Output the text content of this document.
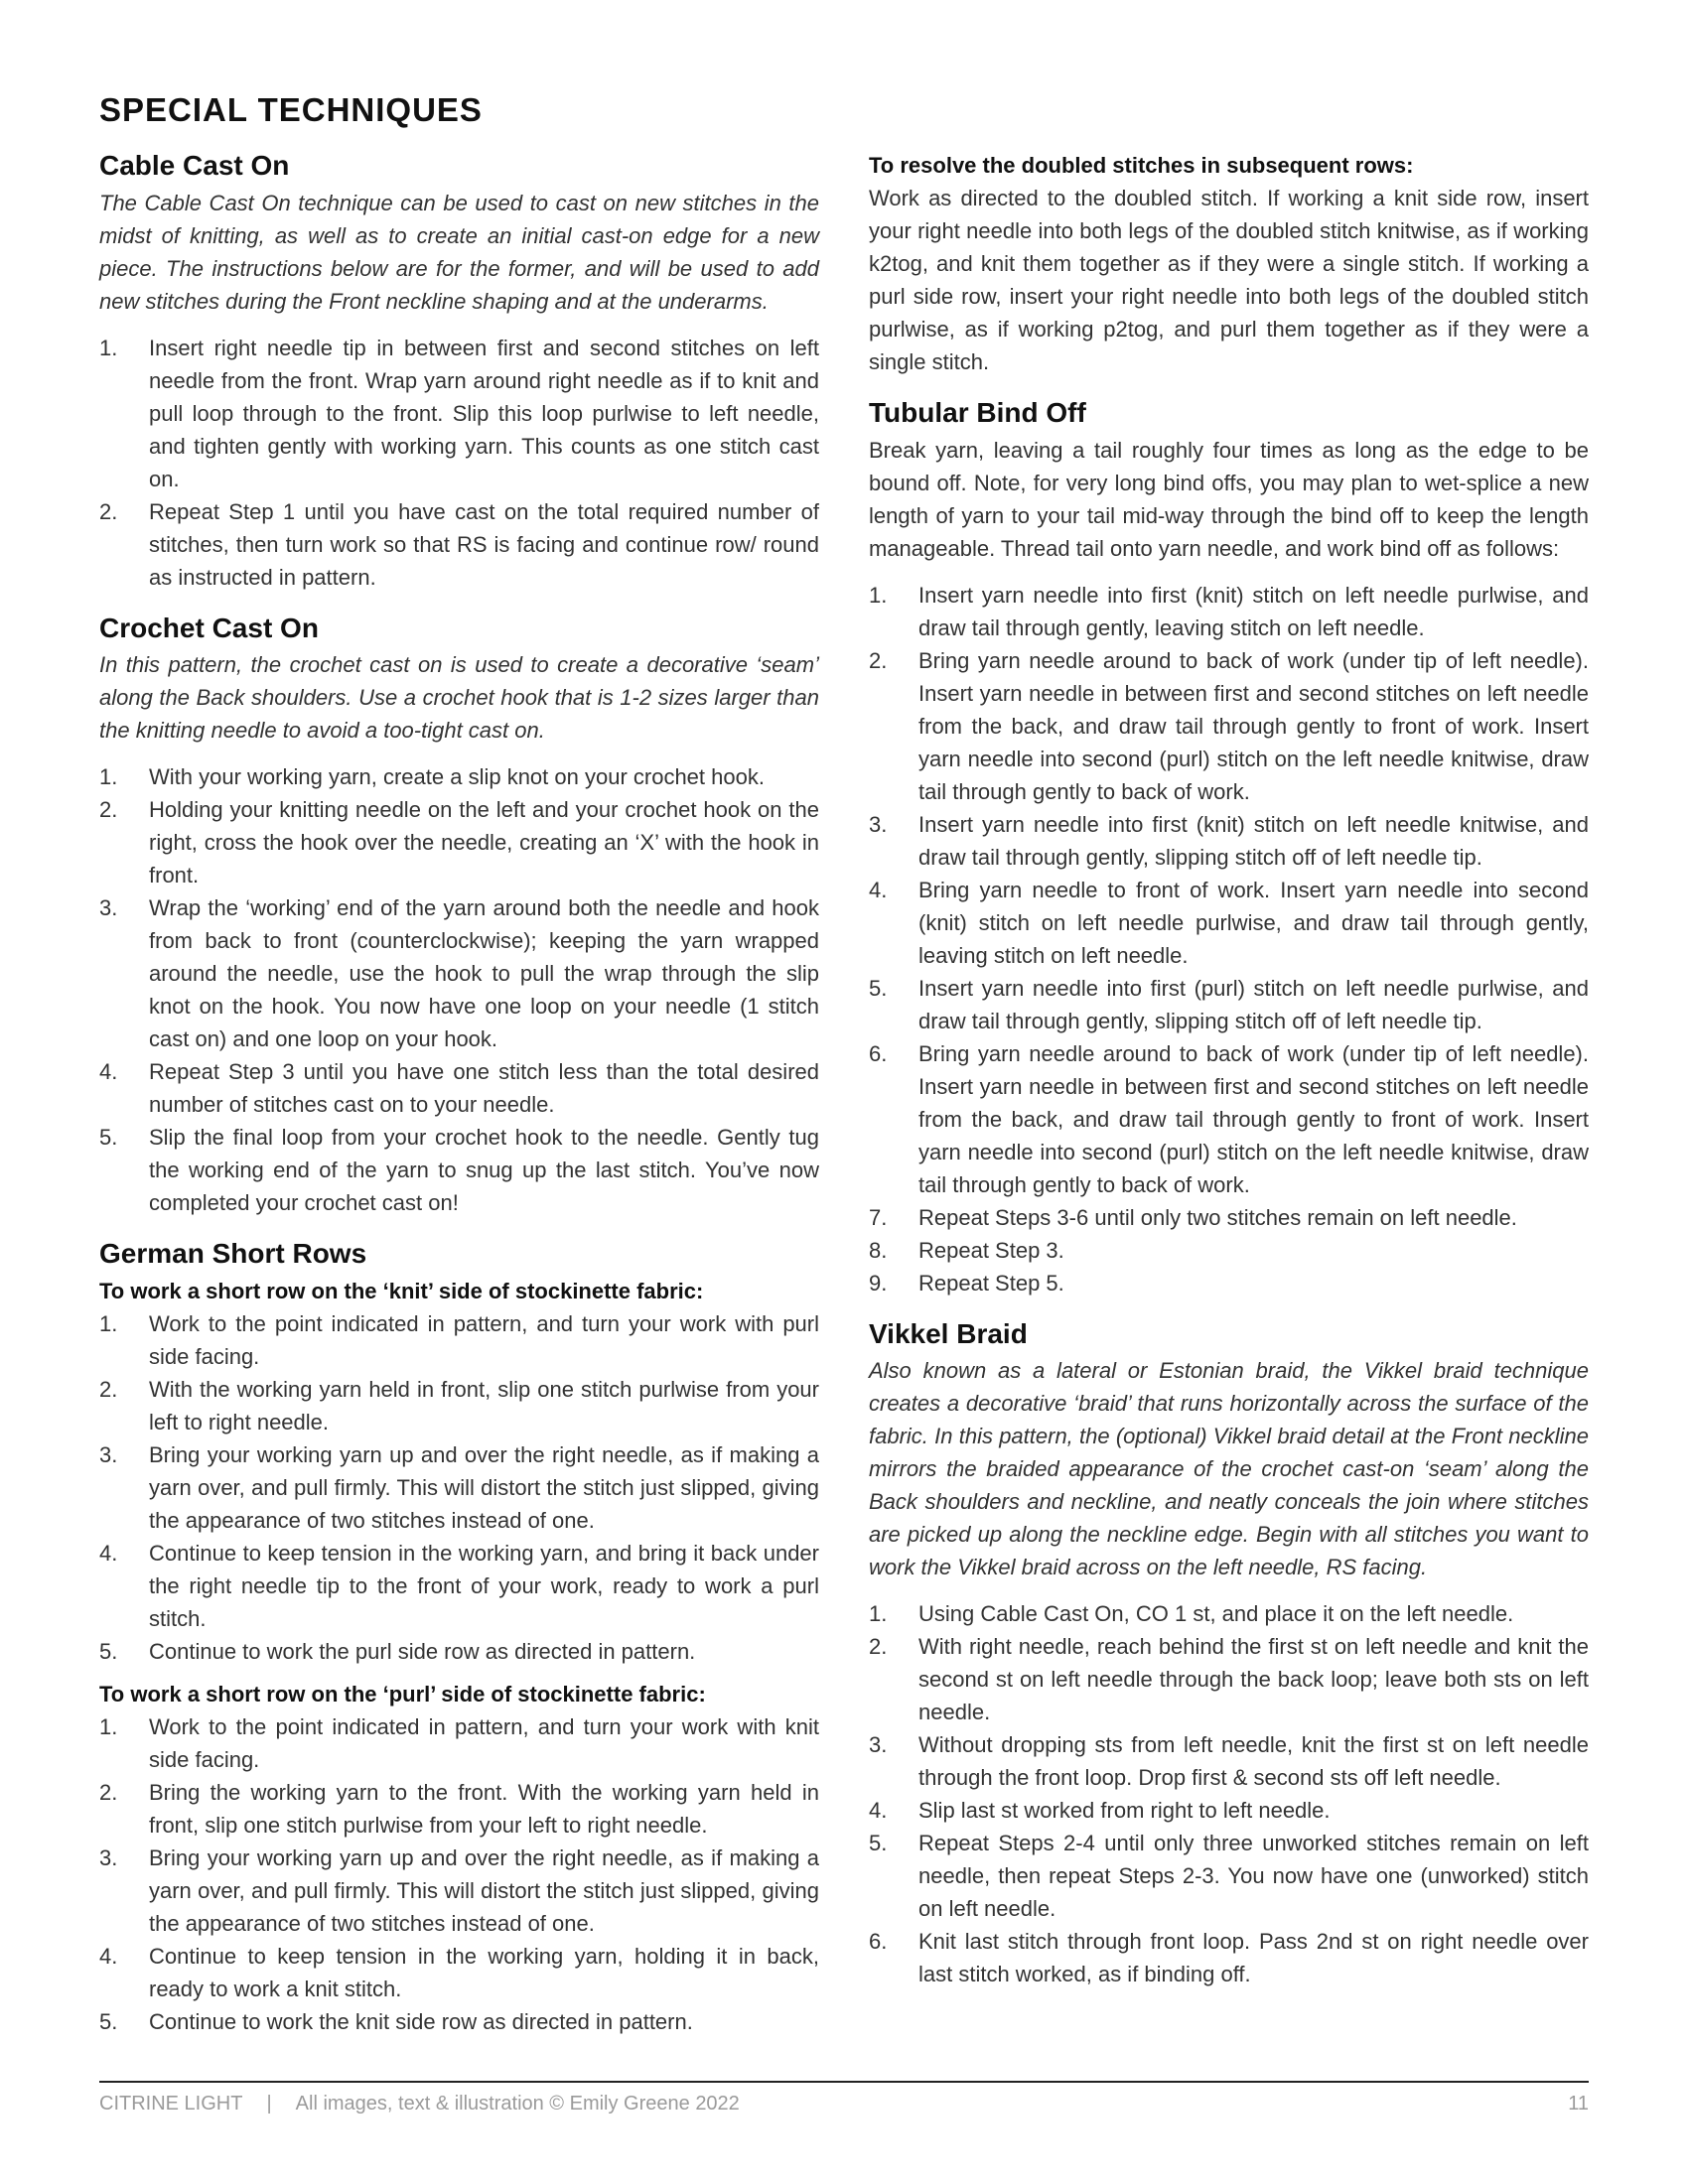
SPECIAL TECHNIQUES
Cable Cast On

The Cable Cast On technique can be used to cast on new stitches in the midst of knitting, as well as to create an initial cast-on edge for a new piece. The instructions below are for the former, and will be used to add new stitches during the Front neckline shaping and at the underarms.

1.	Insert right needle tip in between first and second stitches on left needle from the front. Wrap yarn around right needle as if to knit and pull loop through to the front. Slip this loop purlwise to left needle, and tighten gently with working yarn. This counts as one stitch cast on.
2.	Repeat Step 1 until you have cast on the total required number of stitches, then turn work so that RS is facing and continue row/ round as instructed in pattern.
Crochet Cast On

In this pattern, the crochet cast on is used to create a decorative ‘seam’ along the Back shoulders. Use a crochet hook that is 1-2 sizes larger than the knitting needle to avoid a too-tight cast on.

1.	With your working yarn, create a slip knot on your crochet hook.
2.	Holding your knitting needle on the left and your crochet hook on the right, cross the hook over the needle, creating an ‘X’ with the hook in front.
3.	Wrap the ‘working’ end of the yarn around both the needle and hook from back to front (counterclockwise); keeping the yarn wrapped around the needle, use the hook to pull the wrap through the slip knot on the hook. You now have one loop on your needle (1 stitch cast on) and one loop on your hook.
4.	Repeat Step 3 until you have one stitch less than the total desired number of stitches cast on to your needle.
5.	Slip the final loop from your crochet hook to the needle. Gently tug the working end of the yarn to snug up the last stitch. You’ve now completed your crochet cast on!
German Short Rows
To work a short row on the ‘knit’ side of stockinette fabric:
1.	Work to the point indicated in pattern, and turn your work with purl side facing.
2.	With the working yarn held in front, slip one stitch purlwise from your left to right needle.
3.	Bring your working yarn up and over the right needle, as if making a yarn over, and pull firmly. This will distort the stitch just slipped, giving the appearance of two stitches instead of one.
4.	Continue to keep tension in the working yarn, and bring it back under the right needle tip to the front of your work, ready to work a purl stitch.
5.	Continue to work the purl side row as directed in pattern.
To work a short row on the ‘purl’ side of stockinette fabric:
1.	Work to the point indicated in pattern, and turn your work with knit side facing.
2.	Bring the working yarn to the front. With the working yarn held in front, slip one stitch purlwise from your left to right needle.
3.	Bring your working yarn up and over the right needle, as if making a yarn over, and pull firmly. This will distort the stitch just slipped, giving the appearance of two stitches instead of one.
4.	Continue to keep tension in the working yarn, holding it in back, ready to work a knit stitch.
5.	Continue to work the knit side row as directed in pattern.
To resolve the doubled stitches in subsequent rows:

Work as directed to the doubled stitch. If working a knit side row, insert your right needle into both legs of the doubled stitch knitwise, as if working k2tog, and knit them together as if they were a single stitch. If working a purl side row, insert your right needle into both legs of the doubled stitch purlwise, as if working p2tog, and purl them together as if they were a single stitch.

Tubular Bind Off

Break yarn, leaving a tail roughly four times as long as the edge to be bound off. Note, for very long bind offs, you may plan to wet-splice a new length of yarn to your tail mid-way through the bind off to keep the length manageable. Thread tail onto yarn needle, and work bind off as follows:

1.	Insert yarn needle into first (knit) stitch on left needle purlwise, and draw tail through gently, leaving stitch on left needle.
2.	Bring yarn needle around to back of work (under tip of left needle). Insert yarn needle in between first and second stitches on left needle from the back, and draw tail through gently to front of work. Insert yarn needle into second (purl) stitch on the left needle knitwise, draw tail through gently to back of work.
3.	Insert yarn needle into first (knit) stitch on left needle knitwise, and draw tail through gently, slipping stitch off of left needle tip.
4.	Bring yarn needle to front of work. Insert yarn needle into second (knit) stitch on left needle purlwise, and draw tail through gently, leaving stitch on left needle.
5.	Insert yarn needle into first (purl) stitch on left needle purlwise, and draw tail through gently, slipping stitch off of left needle tip.
6.	Bring yarn needle around to back of work (under tip of left needle). Insert yarn needle in between first and second stitches on left needle from the back, and draw tail through gently to front of work. Insert yarn needle into second (purl) stitch on the left needle knitwise, draw tail through gently to back of work.
7.	Repeat Steps 3-6 until only two stitches remain on left needle.
8.	Repeat Step 3.
9.	Repeat Step 5.
Vikkel Braid

Also known as a lateral or Estonian braid, the Vikkel braid technique creates a decorative ‘braid’ that runs horizontally across the surface of the fabric. In this pattern, the (optional) Vikkel braid detail at the Front neckline mirrors the braided appearance of the crochet cast-on ‘seam’ along the Back shoulders and neckline, and neatly conceals the join where stitches are picked up along the neckline edge. Begin with all stitches you want to work the Vikkel braid across on the left needle, RS facing.

1.	Using Cable Cast On, CO 1 st, and place it on the left needle.
2.	With right needle, reach behind the first st on left needle and knit the second st on left needle through the back loop; leave both sts on left needle.
3.	Without dropping sts from left needle, knit the first st on left needle through the front loop. Drop first & second sts off left needle.
4.	Slip last st worked from right to left needle.
5.	Repeat Steps 2-4 until only three unworked stitches remain on left needle, then repeat Steps 2-3. You now have one (unworked) stitch on left needle.
6.	Knit last stitch through front loop. Pass 2nd st on right needle over last stitch worked, as if binding off.
CITRINE LIGHT | All images, text & illustration © Emily Greene 2022	11
